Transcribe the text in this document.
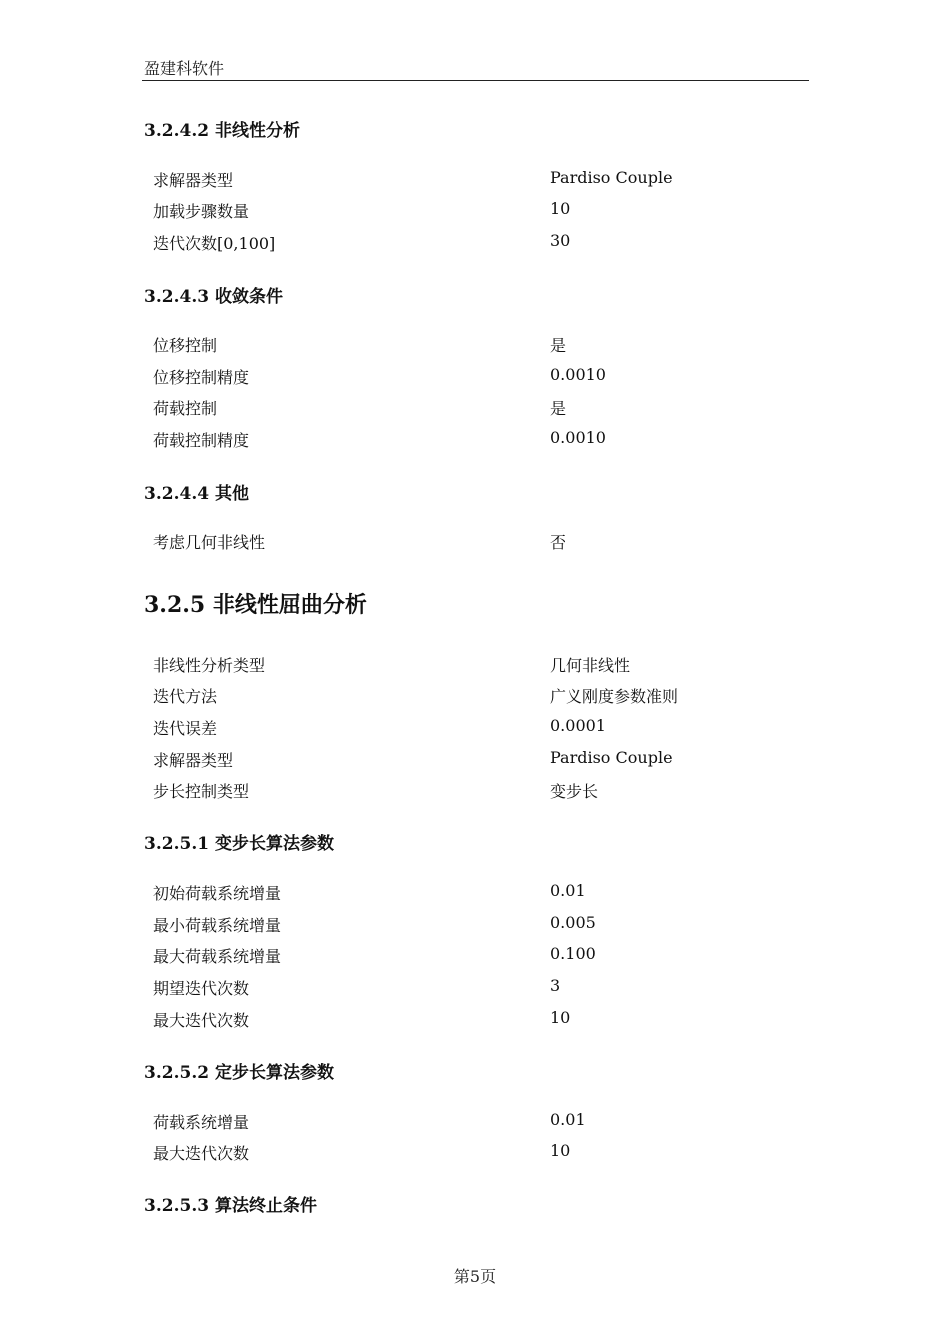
盈建科软件
3.2.4.2 非线性分析
求解器类型	Pardiso Couple
加载步骤数量	10
迭代次数[0,100]	30
3.2.4.3 收敛条件
位移控制	是
位移控制精度	0.0010
荷载控制	是
荷载控制精度	0.0010
3.2.4.4 其他
考虑几何非线性	否
3.2.5 非线性屈曲分析
非线性分析类型	几何非线性
迭代方法	广义刚度参数准则
迭代误差	0.0001
求解器类型	Pardiso Couple
步长控制类型	变步长
3.2.5.1 变步长算法参数
初始荷载系统增量	0.01
最小荷载系统增量	0.005
最大荷载系统增量	0.100
期望迭代次数	3
最大迭代次数	10
3.2.5.2 定步长算法参数
荷载系统增量	0.01
最大迭代次数	10
3.2.5.3 算法终止条件
第5页
